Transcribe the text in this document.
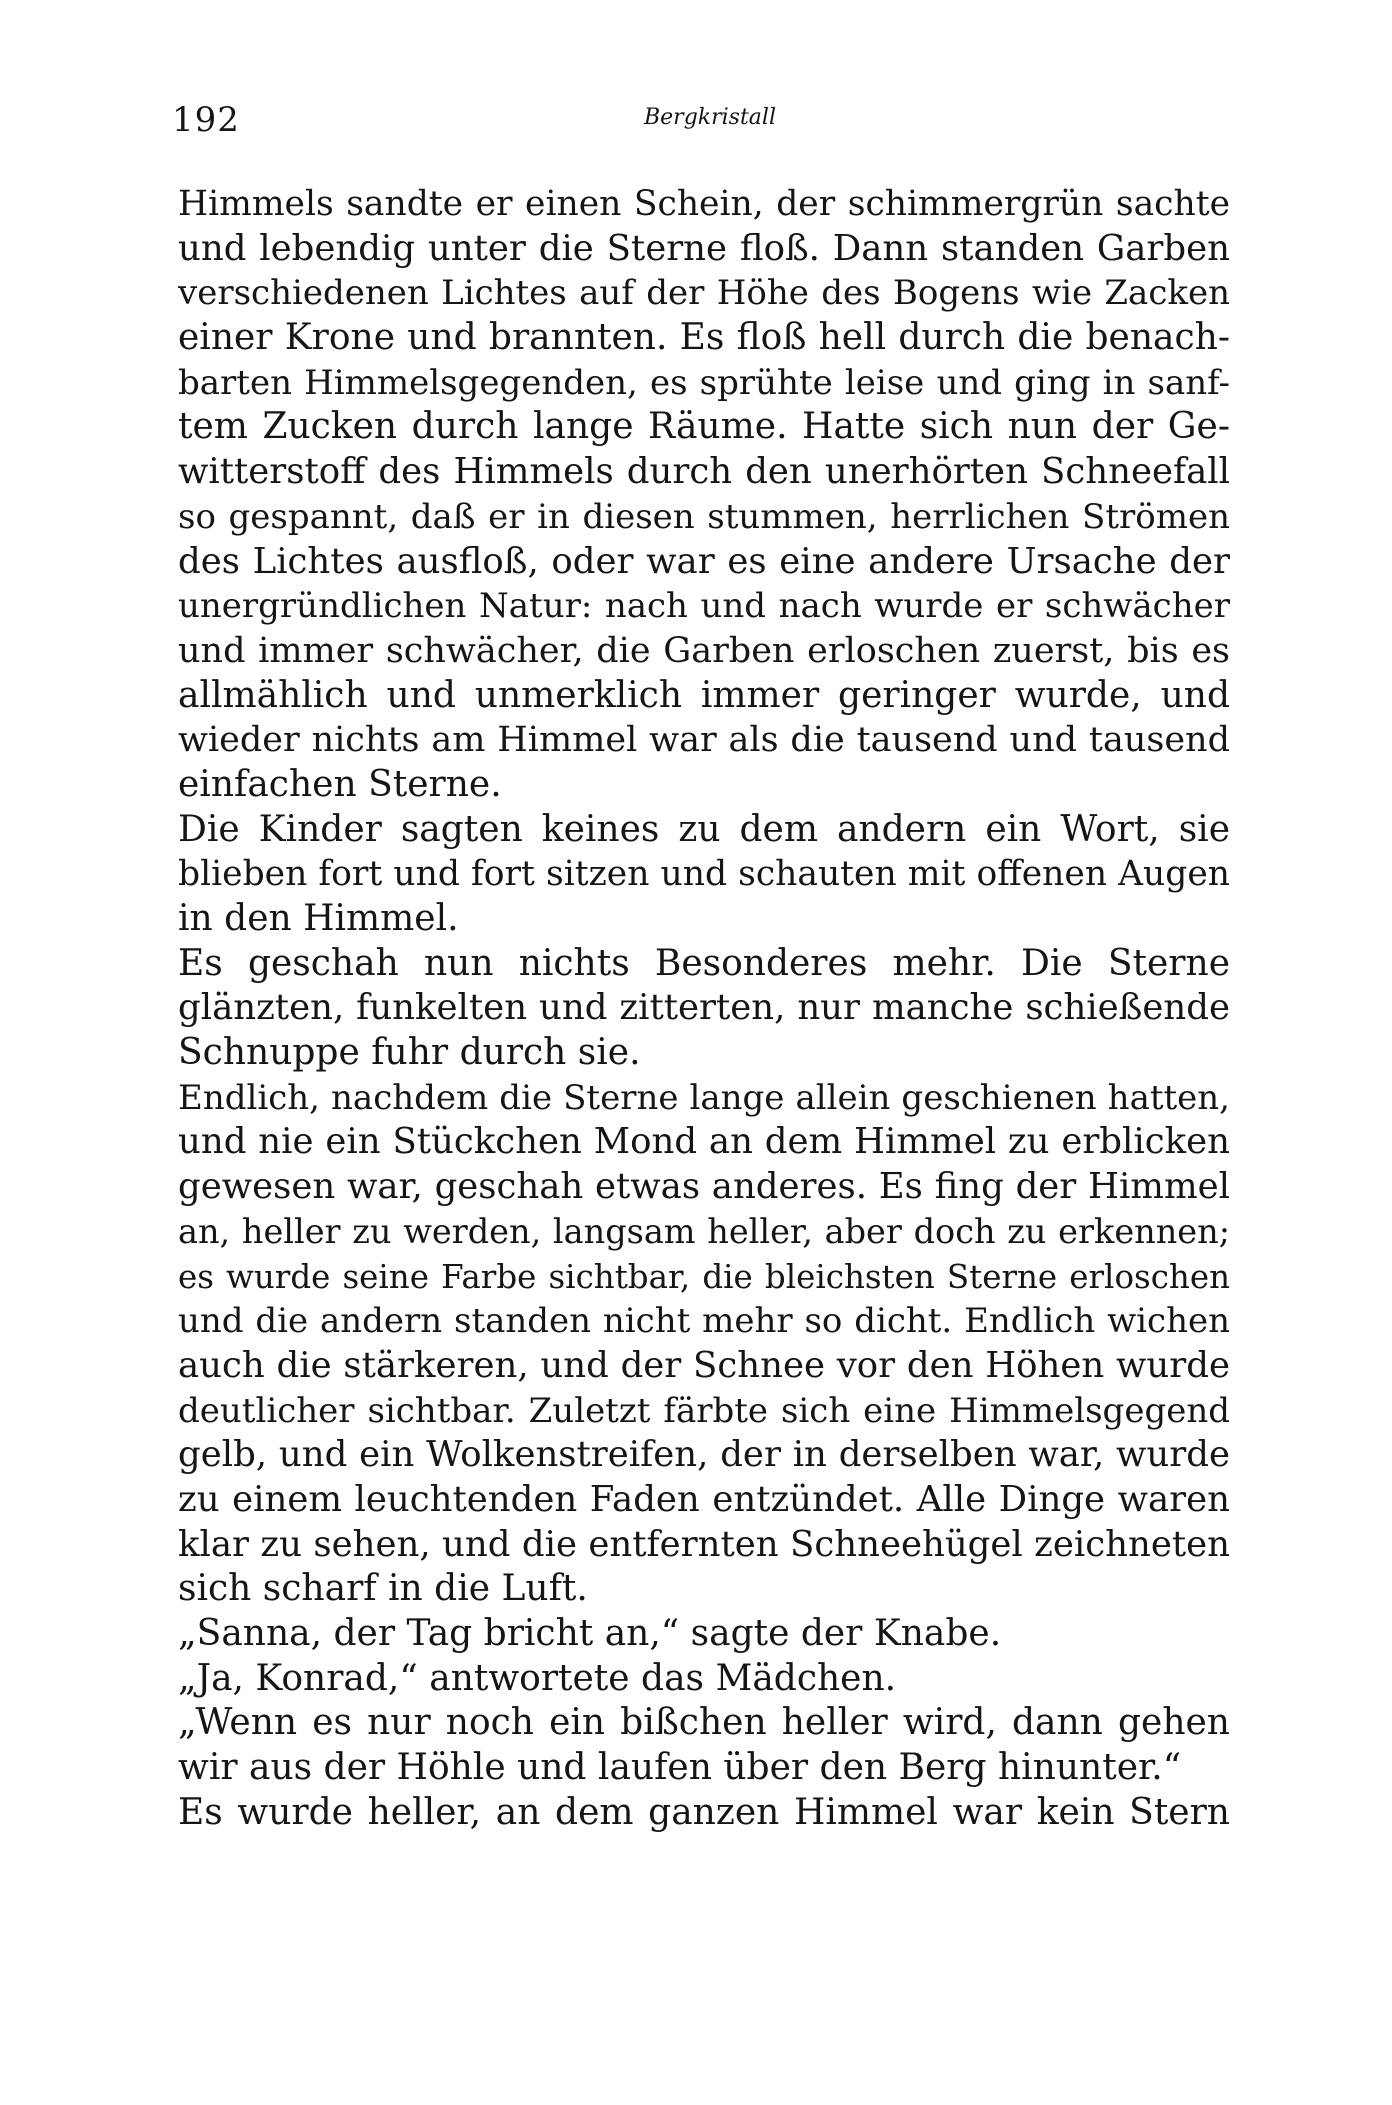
192	Bergkristall
Himmels sandte er einen Schein, der schimmergrün sachte
und lebendig unter die Sterne floß. Dann standen Garben
verschiedenen Lichtes auf der Höhe des Bogens wie Zacken
einer Krone und brannten. Es floß hell durch die benach-
barten Himmelsgegenden, es sprühte leise und ging in sanf-
tem Zucken durch lange Räume. Hatte sich nun der Ge-
witterstoff des Himmels durch den unerhörten Schneefall
so gespannt, daß er in diesen stummen, herrlichen Strömen
des Lichtes ausfloß, oder war es eine andere Ursache der
unergründlichen Natur: nach und nach wurde er schwächer
und immer schwächer, die Garben erloschen zuerst, bis es
allmählich und unmerklich immer geringer wurde, und
wieder nichts am Himmel war als die tausend und tausend
einfachen Sterne.
Die Kinder sagten keines zu dem andern ein Wort, sie
blieben fort und fort sitzen und schauten mit offenen Augen
in den Himmel.
Es geschah nun nichts Besonderes mehr. Die Sterne
glänzten, funkelten und zitterten, nur manche schießende
Schnuppe fuhr durch sie.
Endlich, nachdem die Sterne lange allein geschienen hatten,
und nie ein Stückchen Mond an dem Himmel zu erblicken
gewesen war, geschah etwas anderes. Es fing der Himmel
an, heller zu werden, langsam heller, aber doch zu erkennen;
es wurde seine Farbe sichtbar, die bleichsten Sterne erloschen
und die andern standen nicht mehr so dicht. Endlich wichen
auch die stärkeren, und der Schnee vor den Höhen wurde
deutlicher sichtbar. Zuletzt färbte sich eine Himmelsgegend
gelb, und ein Wolkenstreifen, der in derselben war, wurde
zu einem leuchtenden Faden entzündet. Alle Dinge waren
klar zu sehen, und die entfernten Schneehügel zeichneten
sich scharf in die Luft.
„Sanna, der Tag bricht an,“ sagte der Knabe.
„Ja, Konrad,“ antwortete das Mädchen.
„Wenn es nur noch ein bißchen heller wird, dann gehen
wir aus der Höhle und laufen über den Berg hinunter.“
Es wurde heller, an dem ganzen Himmel war kein Stern
